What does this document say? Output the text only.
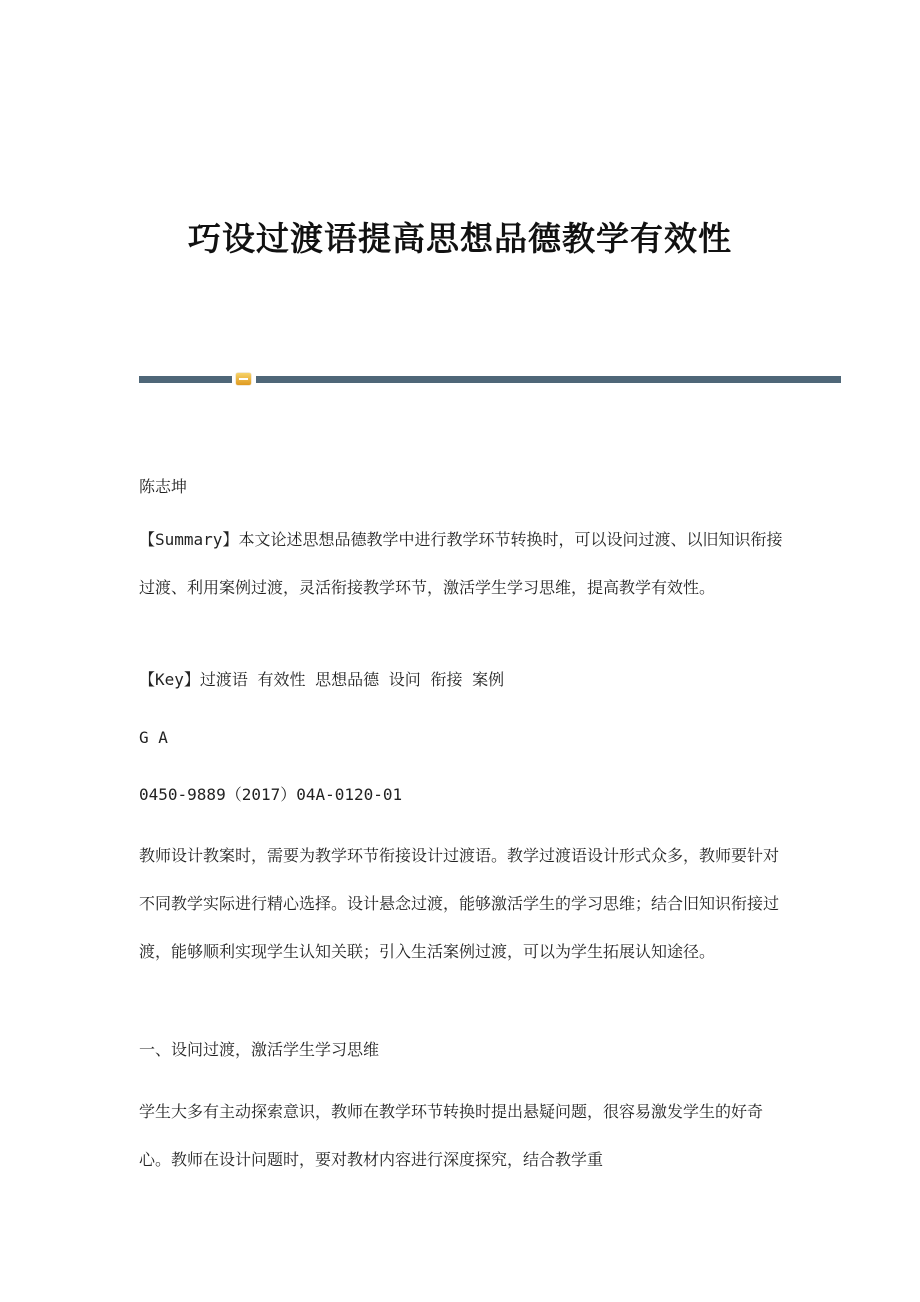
巧设过渡语提高思想品德教学有效性

陈志坤

【Summary】本文论述思想品德教学中进行教学环节转换时，可以设问过渡、以旧知识衔接过渡、利用案例过渡，灵活衔接教学环节，激活学生学习思维，提高教学有效性。

【Key】过渡语 有效性 思想品德 设问 衔接 案例

G A

0450-9889（2017）04A-0120-01

教师设计教案时，需要为教学环节衔接设计过渡语。教学过渡语设计形式众多，教师要针对不同教学实际进行精心选择。设计悬念过渡，能够激活学生的学习思维；结合旧知识衔接过渡，能够顺利实现学生认知关联；引入生活案例过渡，可以为学生拓展认知途径。

一、设问过渡，激活学生学习思维

学生大多有主动探索意识，教师在教学环节转换时提出悬疑问题，很容易激发学生的好奇心。教师在设计问题时，要对教材内容进行深度探究，结合教学重
